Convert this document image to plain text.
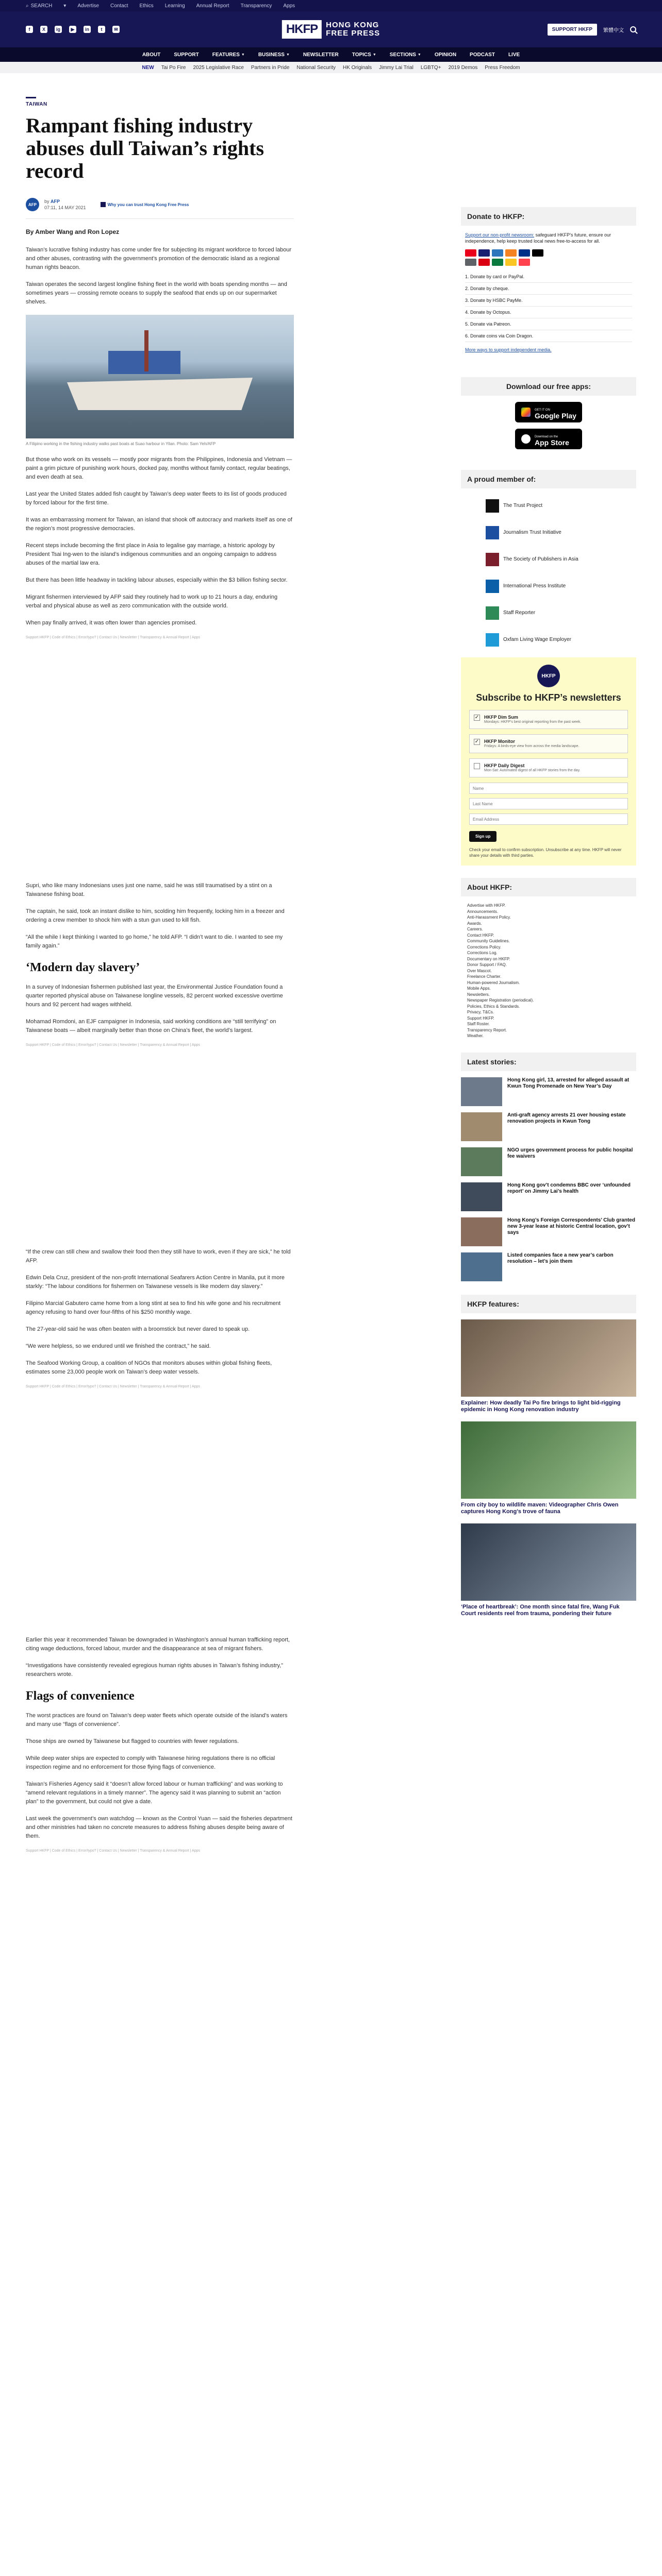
⌕ SEARCH ▾ Advertise Contact Ethics Learning Annual Report Transparency Apps
f	X	ig	▶	in	t	✉	HKFP	HONG KONG
FREE PRESS	SUPPORT HKFP	繁體中文
ABOUT	SUPPORT	FEATURES ▼	BUSINESS ▼	NEWSLETTER	TOPICS ▼	SECTIONS ▼	OPINION	PODCAST	LIVE
NEW Tai Po Fire 2025 Legislative Race Partners in Pride National Security HK Originals Jimmy Lai Trial LGBTQ+ 2019 Demos Press Freedom
TAIWAN
Rampant fishing industry abuses dull Taiwan’s rights record
AFP
by AFP
07:11, 14 MAY 2021
Why you can trust Hong Kong Free Press
By Amber Wang and Ron Lopez

Taiwan’s lucrative fishing industry has come under fire for subjecting its migrant workforce to forced labour and other abuses, contrasting with the government’s promotion of the democratic island as a regional human rights beacon.

Taiwan operates the second largest longline fishing fleet in the world with boats spending months — and sometimes years — crossing remote oceans to supply the seafood that ends up on our supermarket shelves.

A Filipino working in the fishing industry walks past boats at Suao harbour in Yilan. Photo: Sam Yeh/AFP

But those who work on its vessels — mostly poor migrants from the Philippines, Indonesia and Vietnam — paint a grim picture of punishing work hours, docked pay, months without family contact, regular beatings, and even death at sea.

Last year the United States added fish caught by Taiwan’s deep water fleets to its list of goods produced by forced labour for the first time.

It was an embarrassing moment for Taiwan, an island that shook off autocracy and markets itself as one of the region’s most progressive democracies.

Recent steps include becoming the first place in Asia to legalise gay marriage, a historic apology by President Tsai Ing-wen to the island’s indigenous communities and an ongoing campaign to address abuses of the martial law era.

But there has been little headway in tackling labour abuses, especially within the $3 billion fishing sector.

Migrant fishermen interviewed by AFP said they routinely had to work up to 21 hours a day, enduring verbal and physical abuse as well as zero communication with the outside world.

When pay finally arrived, it was often lower than agencies promised.

Support HKFP | Code of Ethics | Error/typo? | Contact Us | Newsletter | Transparency & Annual Report | Apps

Supri, who like many Indonesians uses just one name, said he was still traumatised by a stint on a Taiwanese fishing boat.

The captain, he said, took an instant dislike to him, scolding him frequently, locking him in a freezer and ordering a crew member to shock him with a stun gun used to kill fish.

“All the while I kept thinking I wanted to go home,” he told AFP. “I didn’t want to die. I wanted to see my family again.”

‘Modern day slavery’

In a survey of Indonesian fishermen published last year, the Environmental Justice Foundation found a quarter reported physical abuse on Taiwanese longline vessels, 82 percent worked excessive overtime hours and 92 percent had wages withheld.

Mohamad Romdoni, an EJF campaigner in Indonesia, said working conditions are “still terrifying” on Taiwanese boats — albeit marginally better than those on China’s fleet, the world’s largest.

Support HKFP | Code of Ethics | Error/typo? | Contact Us | Newsletter | Transparency & Annual Report | Apps

“If the crew can still chew and swallow their food then they still have to work, even if they are sick,” he told AFP.

Edwin Dela Cruz, president of the non-profit International Seafarers Action Centre in Manila, put it more starkly: “The labour conditions for fishermen on Taiwanese vessels is like modern day slavery.”

Filipino Marcial Gabutero came home from a long stint at sea to find his wife gone and his recruitment agency refusing to hand over four-fifths of his $250 monthly wage.

The 27-year-old said he was often beaten with a broomstick but never dared to speak up.

“We were helpless, so we endured until we finished the contract,” he said.

The Seafood Working Group, a coalition of NGOs that monitors abuses within global fishing fleets, estimates some 23,000 people work on Taiwan’s deep water vessels.

Support HKFP | Code of Ethics | Error/typo? | Contact Us | Newsletter | Transparency & Annual Report | Apps

Earlier this year it recommended Taiwan be downgraded in Washington’s annual human trafficking report, citing wage deductions, forced labour, murder and the disappearance at sea of migrant fishers.

“Investigations have consistently revealed egregious human rights abuses in Taiwan’s fishing industry,” researchers wrote.

Flags of convenience

The worst practices are found on Taiwan’s deep water fleets which operate outside of the island’s waters and many use “flags of convenience”.

Those ships are owned by Taiwanese but flagged to countries with fewer regulations.

While deep water ships are expected to comply with Taiwanese hiring regulations there is no official inspection regime and no enforcement for those flying flags of convenience.

Taiwan’s Fisheries Agency said it “doesn’t allow forced labour or human trafficking” and was working to “amend relevant regulations in a timely manner”. The agency said it was planning to submit an “action plan” to the government, but could not give a date.

Last week the government’s own watchdog — known as the Control Yuan — said the fisheries department and other ministries had taken no concrete measures to address fishing abuses despite being aware of them.

Support HKFP | Code of Ethics | Error/typo? | Contact Us | Newsletter | Transparency & Annual Report | Apps
Donate to HKFP:
Support our non-profit newsroom: safeguard HKFP’s future, ensure our independence, help keep trusted local news free-to-access for all.
1. Donate by card or PayPal.
2. Donate by cheque.
3. Donate by HSBC PayMe.
4. Donate by Octopus.
5. Donate via Patreon.
6. Donate coins via Coin Dragon.
More ways to support independent media.
Download our free apps:
GET IT ON
Google Play
Download on the
App Store
A proud member of:
The Trust Project
Journalism Trust Initiative
The Society of Publishers in Asia
International Press Institute
Staff Reporter
Oxfam Living Wage Employer
HKFP
Subscribe to HKFP’s newsletters
✓ HKFP Dim Sum
Mondays: HKFP’s best original reporting from the past week.
✓ HKFP Monitor
Fridays: A birds-eye view from across the media landscape.
HKFP Daily Digest
Mon-Sat: Automated digest of all HKFP stories from the day.
Name Last Name Email Address Sign up
Check your email to confirm subscription. Unsubscribe at any time. HKFP will never share your details with third parties.
About HKFP:
Advertise with HKFP.
Announcements.
Anti-Harassment Policy.
Awards.
Careers.
Contact HKFP.
Community Guidelines.
Corrections Policy.
Corrections Log.
Documentary on HKFP.
Donor Support / FAQ.
Over Mascot.
Freelance Charter.
Human-powered Journalism.
Mobile Apps.
Newsletters.
Newspaper Registration (periodical).
Policies, Ethics & Standards.
Privacy, T&Cs.
Support HKFP.
Staff Roster.
Transparency Report.
Weather.
Latest stories:
Hong Kong girl, 13, arrested for alleged assault at Kwun Tong Promenade on New Year’s Day
Anti-graft agency arrests 21 over housing estate renovation projects in Kwun Tong
NGO urges government process for public hospital fee waivers
Hong Kong gov’t condemns BBC over ‘unfounded report’ on Jimmy Lai’s health
Hong Kong’s Foreign Correspondents’ Club granted new 3-year lease at historic Central location, gov’t says
Listed companies face a new year’s carbon resolution – let’s join them
HKFP features:
Explainer: How deadly Tai Po fire brings to light bid-rigging epidemic in Hong Kong renovation industry
From city boy to wildlife maven: Videographer Chris Owen captures Hong Kong’s trove of fauna
‘Place of heartbreak’: One month since fatal fire, Wang Fuk Court residents reel from trauma, pondering their future
